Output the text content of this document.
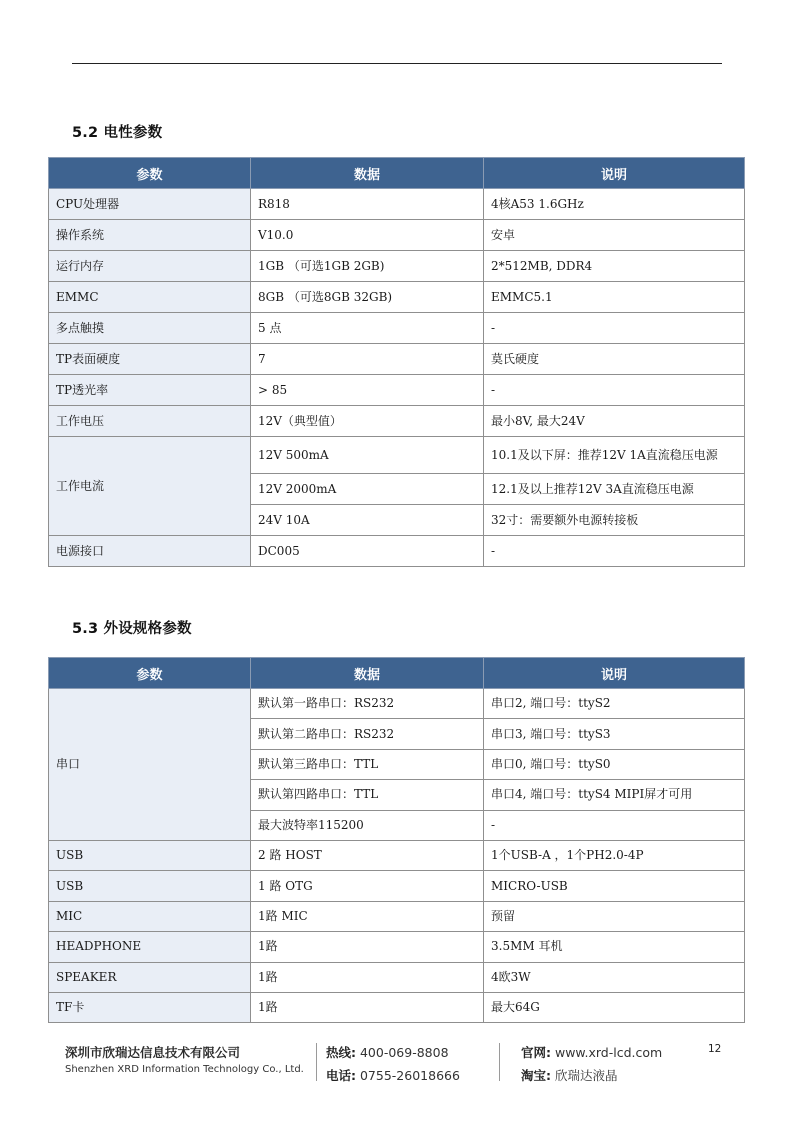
5.2 电性参数
参数	数据	说明
CPU处理器	R818	4核A53 1.6GHz
操作系统	V10.0	安卓
运行内存	1GB （可选1GB 2GB)	2*512MB, DDR4
EMMC	8GB （可选8GB 32GB)	EMMC5.1
多点触摸	5 点	-
TP表面硬度	7	莫氏硬度
TP透光率	> 85	-
工作电压	12V（典型值）	最小8V, 最大24V
工作电流	12V 500mA	10.1及以下屏：推荐12V 1A直流稳压电源
	12V 2000mA	12.1及以上推荐12V 3A直流稳压电源
	24V 10A	32寸：需要额外电源转接板
电源接口	DC005	-
5.3 外设规格参数
参数	数据	说明
串口	默认第一路串口：RS232	串口2, 端口号：ttyS2
	默认第二路串口：RS232	串口3, 端口号：ttyS3
	默认第三路串口：TTL	串口0, 端口号：ttyS0
	默认第四路串口：TTL	串口4, 端口号：ttyS4 MIPI屏才可用
	最大波特率115200	-
USB	2 路 HOST	1个USB-A ，1个PH2.0-4P
USB	1 路 OTG	MICRO-USB
MIC	1路 MIC	预留
HEADPHONE	1路	3.5MM 耳机
SPEAKER	1路	4欧3W
TF卡	1路	最大64G
深圳市欣瑞达信息技术有限公司
Shenzhen XRD Information Technology Co., Ltd.
热线: 400-069-8808
电话: 0755-26018666
官网: www.xrd-lcd.com
淘宝: 欣瑞达液晶
12
